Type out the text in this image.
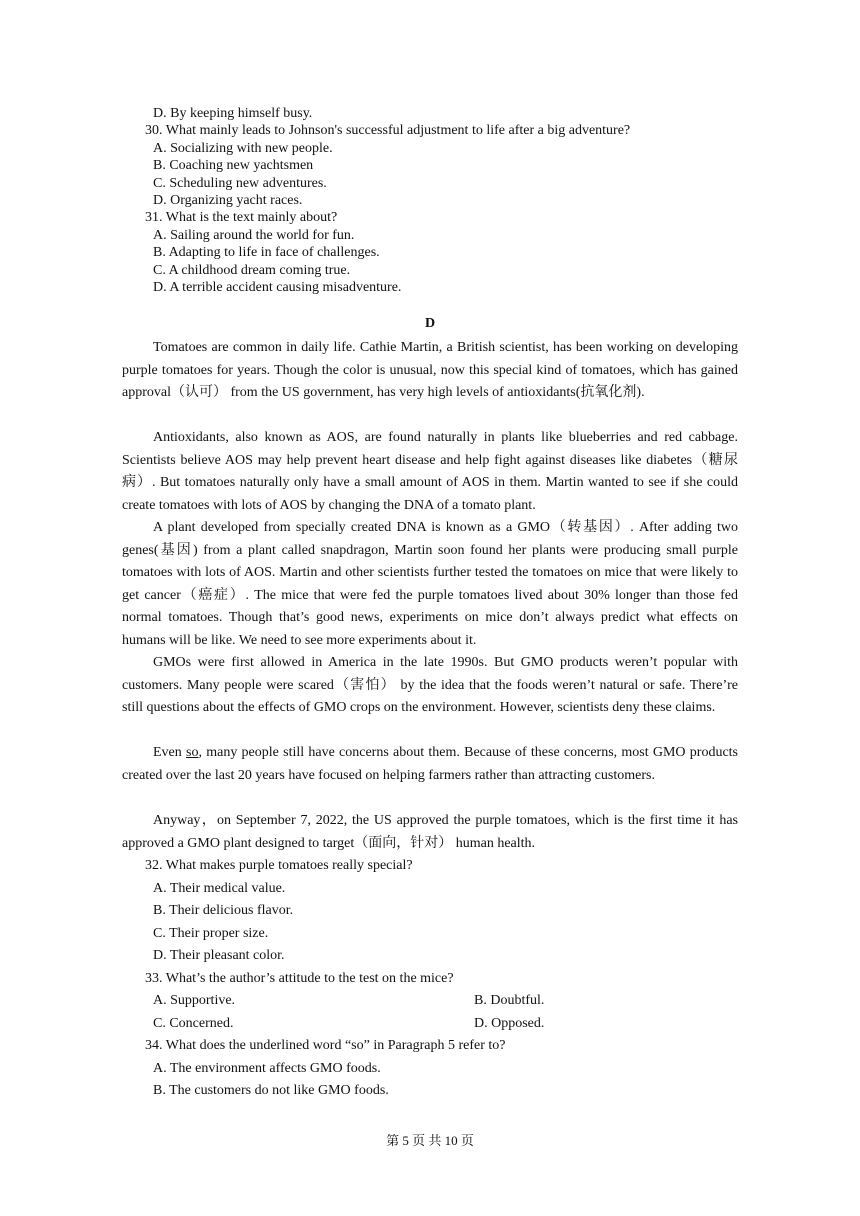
D. By keeping himself busy.
30. What mainly leads to Johnson's successful adjustment to life after a big adventure?
A. Socializing with new people.
B. Coaching new yachtsmen
C. Scheduling new adventures.
D. Organizing yacht races.
31. What is the text mainly about?
A. Sailing around the world for fun.
B. Adapting to life in face of challenges.
C. A childhood dream coming true.
D. A terrible accident causing misadventure.
D

Tomatoes are common in daily life. Cathie Martin, a British scientist, has been working on developing purple tomatoes for years. Though the color is unusual, now this special kind of tomatoes, which has gained approval（认可） from the US government, has very high levels of antioxidants(抗氧化剂).

Antioxidants, also known as AOS, are found naturally in plants like blueberries and red cabbage. Scientists believe AOS may help prevent heart disease and help fight against diseases like diabetes（糖尿病）. But tomatoes naturally only have a small amount of AOS in them. Martin wanted to see if she could create tomatoes with lots of AOS by changing the DNA of a tomato plant.

A plant developed from specially created DNA is known as a GMO（转基因）. After adding two genes(基因) from a plant called snapdragon, Martin soon found her plants were producing small purple tomatoes with lots of AOS. Martin and other scientists further tested the tomatoes on mice that were likely to get cancer（癌症）. The mice that were fed the purple tomatoes lived about 30% longer than those fed normal tomatoes. Though that’s good news, experiments on mice don’t always predict what effects on humans will be like. We need to see more experiments about it.

GMOs were first allowed in America in the late 1990s. But GMO products weren’t popular with customers. Many people were scared（害怕） by the idea that the foods weren’t natural or safe. There’re still questions about the effects of GMO crops on the environment. However, scientists deny these claims.

Even so, many people still have concerns about them. Because of these concerns, most GMO products created over the last 20 years have focused on helping farmers rather than attracting customers.

Anyway，on September 7, 2022, the US approved the purple tomatoes, which is the first time it has approved a GMO plant designed to target（面向，针对） human health.

32. What makes purple tomatoes really special?
A. Their medical value.
B. Their delicious flavor.
C. Their proper size.
D. Their pleasant color.
33. What’s the author’s attitude to the test on the mice?
A. Supportive.	B. Doubtful.
C. Concerned.	D. Opposed.
34. What does the underlined word “so” in Paragraph 5 refer to?
A. The environment affects GMO foods.
B. The customers do not like GMO foods.
第 5 页 共 10 页
